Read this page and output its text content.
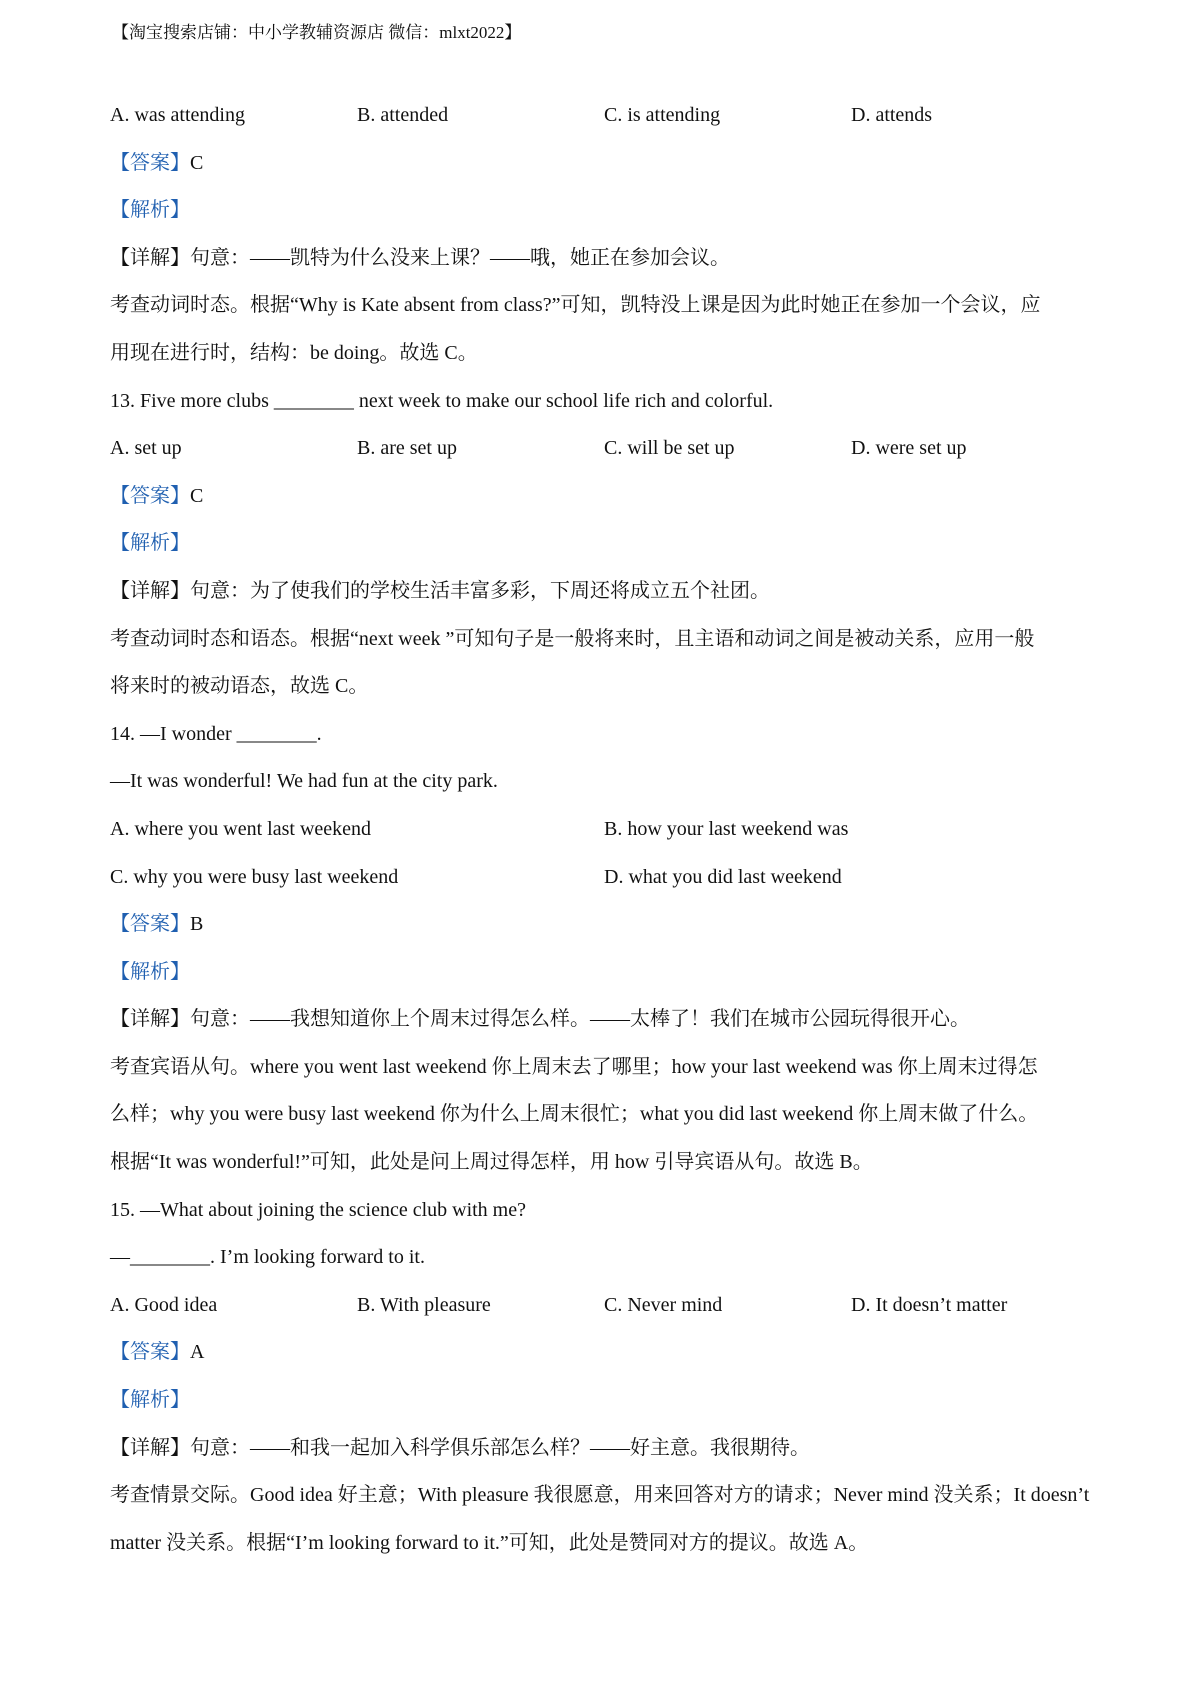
【淘宝搜索店铺：中小学教辅资源店 微信：mlxt2022】
A. was attending	B. attended	C. is attending	D. attends
【答案】C
【解析】
【详解】句意：——凯特为什么没来上课？——哦，她正在参加会议。
考查动词时态。根据“Why is Kate absent from class?”可知，凯特没上课是因为此时她正在参加一个会议，应
用现在进行时，结构：be doing。故选 C。
13. Five more clubs ________ next week to make our school life rich and colorful.
A. set up	B. are set up	C. will be set up	D. were set up
【答案】C
【解析】
【详解】句意：为了使我们的学校生活丰富多彩，下周还将成立五个社团。
考查动词时态和语态。根据“next week ”可知句子是一般将来时，且主语和动词之间是被动关系，应用一般
将来时的被动语态，故选 C。
14. —I wonder ________.
—It was wonderful! We had fun at the city park.
A. where you went last weekend	B. how your last weekend was
C. why you were busy last weekend	D. what you did last weekend
【答案】B
【解析】
【详解】句意：——我想知道你上个周末过得怎么样。——太棒了！我们在城市公园玩得很开心。
考查宾语从句。where you went last weekend 你上周末去了哪里；how your last weekend was 你上周末过得怎
么样；why you were busy last weekend 你为什么上周末很忙；what you did last weekend 你上周末做了什么。
根据“It was wonderful!”可知，此处是问上周过得怎样，用 how 引导宾语从句。故选 B。
15. —What about joining the science club with me?
—________. I’m looking forward to it.
A. Good idea	B. With pleasure	C. Never mind	D. It doesn’t matter
【答案】A
【解析】
【详解】句意：——和我一起加入科学俱乐部怎么样？——好主意。我很期待。
考查情景交际。Good idea 好主意；With pleasure 我很愿意，用来回答对方的请求；Never mind 没关系；It doesn’t
matter 没关系。根据“I’m looking forward to it.”可知，此处是赞同对方的提议。故选 A。
